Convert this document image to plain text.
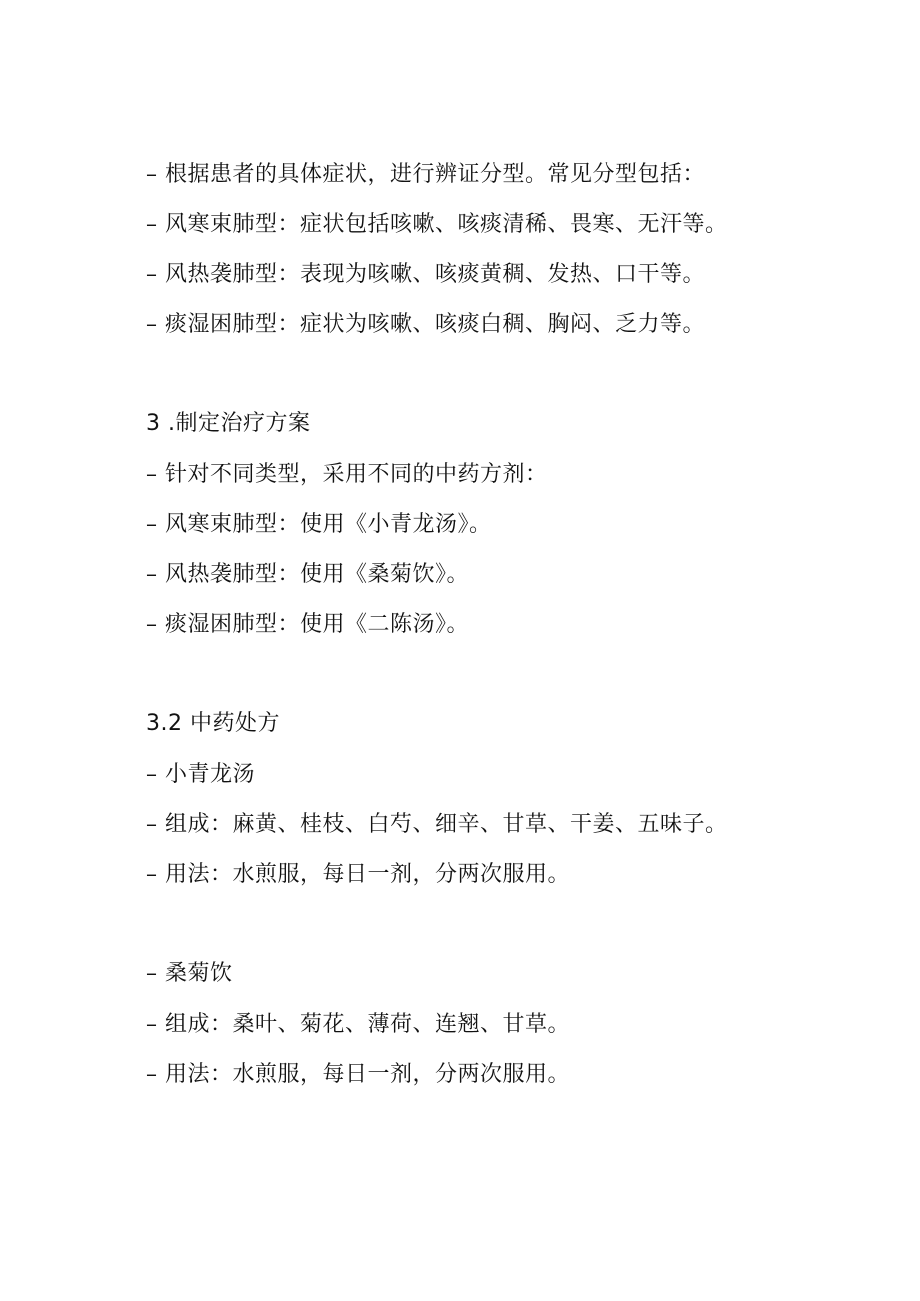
– 根据患者的具体症状，进行辨证分型。常见分型包括：
– 风寒束肺型：症状包括咳嗽、咳痰清稀、畏寒、无汗等。
– 风热袭肺型：表现为咳嗽、咳痰黄稠、发热、口干等。
– 痰湿困肺型：症状为咳嗽、咳痰白稠、胸闷、乏力等。
3 .制定治疗方案
– 针对不同类型，采用不同的中药方剂：
– 风寒束肺型：使用《小青龙汤》。
– 风热袭肺型：使用《桑菊饮》。
– 痰湿困肺型：使用《二陈汤》。
3.2 中药处方
– 小青龙汤
– 组成：麻黄、桂枝、白芍、细辛、甘草、干姜、五味子。
– 用法：水煎服，每日一剂，分两次服用。
– 桑菊饮
– 组成：桑叶、菊花、薄荷、连翘、甘草。
– 用法：水煎服，每日一剂，分两次服用。
